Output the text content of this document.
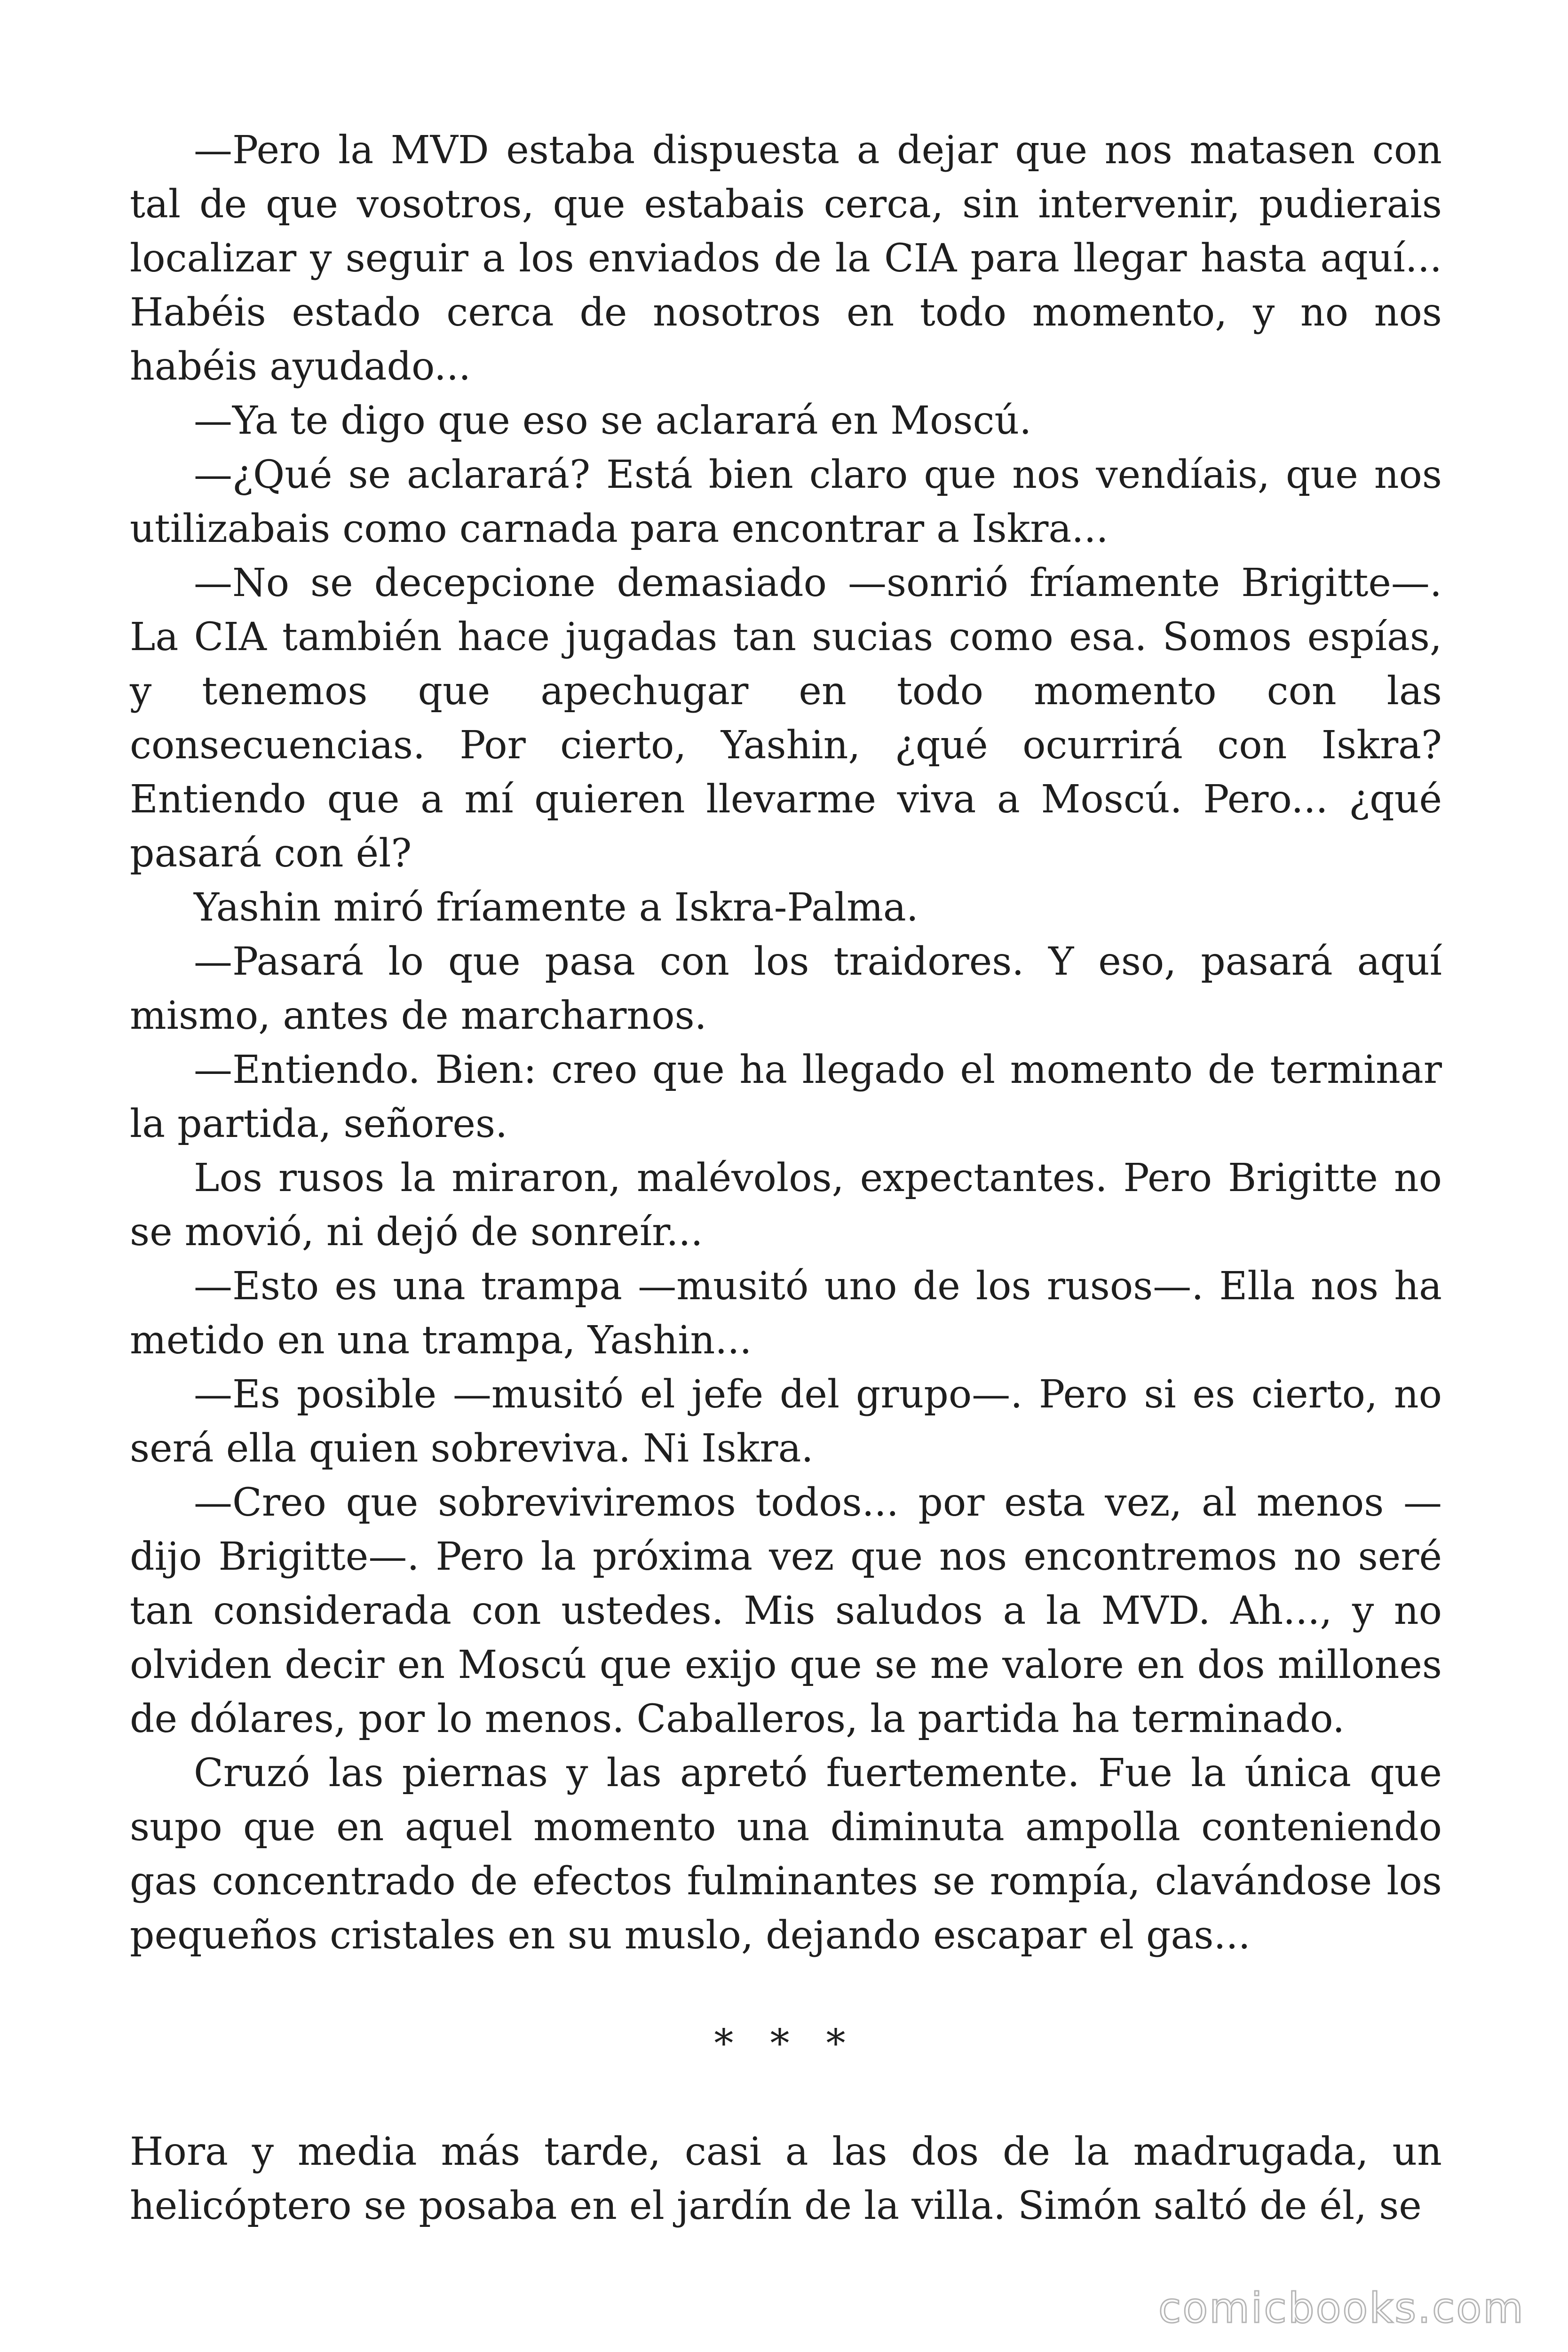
—Pero la MVD estaba dispuesta a dejar que nos matasen con tal de que vosotros, que estabais cerca, sin intervenir, pudierais localizar y seguir a los enviados de la CIA para llegar hasta aquí... Habéis estado cerca de nosotros en todo momento, y no nos habéis ayudado...

—Ya te digo que eso se aclarará en Moscú.

—¿Qué se aclarará? Está bien claro que nos vendíais, que nos utilizabais como carnada para encontrar a Iskra...

—No se decepcione demasiado —sonrió fríamente Brigitte—. La CIA también hace jugadas tan sucias como esa. Somos espías, y tenemos que apechugar en todo momento con las consecuencias. Por cierto, Yashin, ¿qué ocurrirá con Iskra? Entiendo que a mí quieren llevarme viva a Moscú. Pero... ¿qué pasará con él?

Yashin miró fríamente a Iskra-Palma.

—Pasará lo que pasa con los traidores. Y eso, pasará aquí mismo, antes de marcharnos.

—Entiendo. Bien: creo que ha llegado el momento de terminar la partida, señores.

Los rusos la miraron, malévolos, expectantes. Pero Brigitte no se movió, ni dejó de sonreír...

—Esto es una trampa —musitó uno de los rusos—. Ella nos ha metido en una trampa, Yashin...

—Es posible —musitó el jefe del grupo—. Pero si es cierto, no será ella quien sobreviva. Ni Iskra.

—Creo que sobreviviremos todos... por esta vez, al menos —dijo Brigitte—. Pero la próxima vez que nos encontremos no seré tan considerada con ustedes. Mis saludos a la MVD. Ah..., y no olviden decir en Moscú que exijo que se me valore en dos millones de dólares, por lo menos. Caballeros, la partida ha terminado.

Cruzó las piernas y las apretó fuertemente. Fue la única que supo que en aquel momento una diminuta ampolla conteniendo gas concentrado de efectos fulminantes se rompía, clavándose los pequeños cristales en su muslo, dejando escapar el gas...

* * *

Hora y media más tarde, casi a las dos de la madrugada, un helicóptero se posaba en el jardín de la villa. Simón saltó de él, se

comicbooks.com
